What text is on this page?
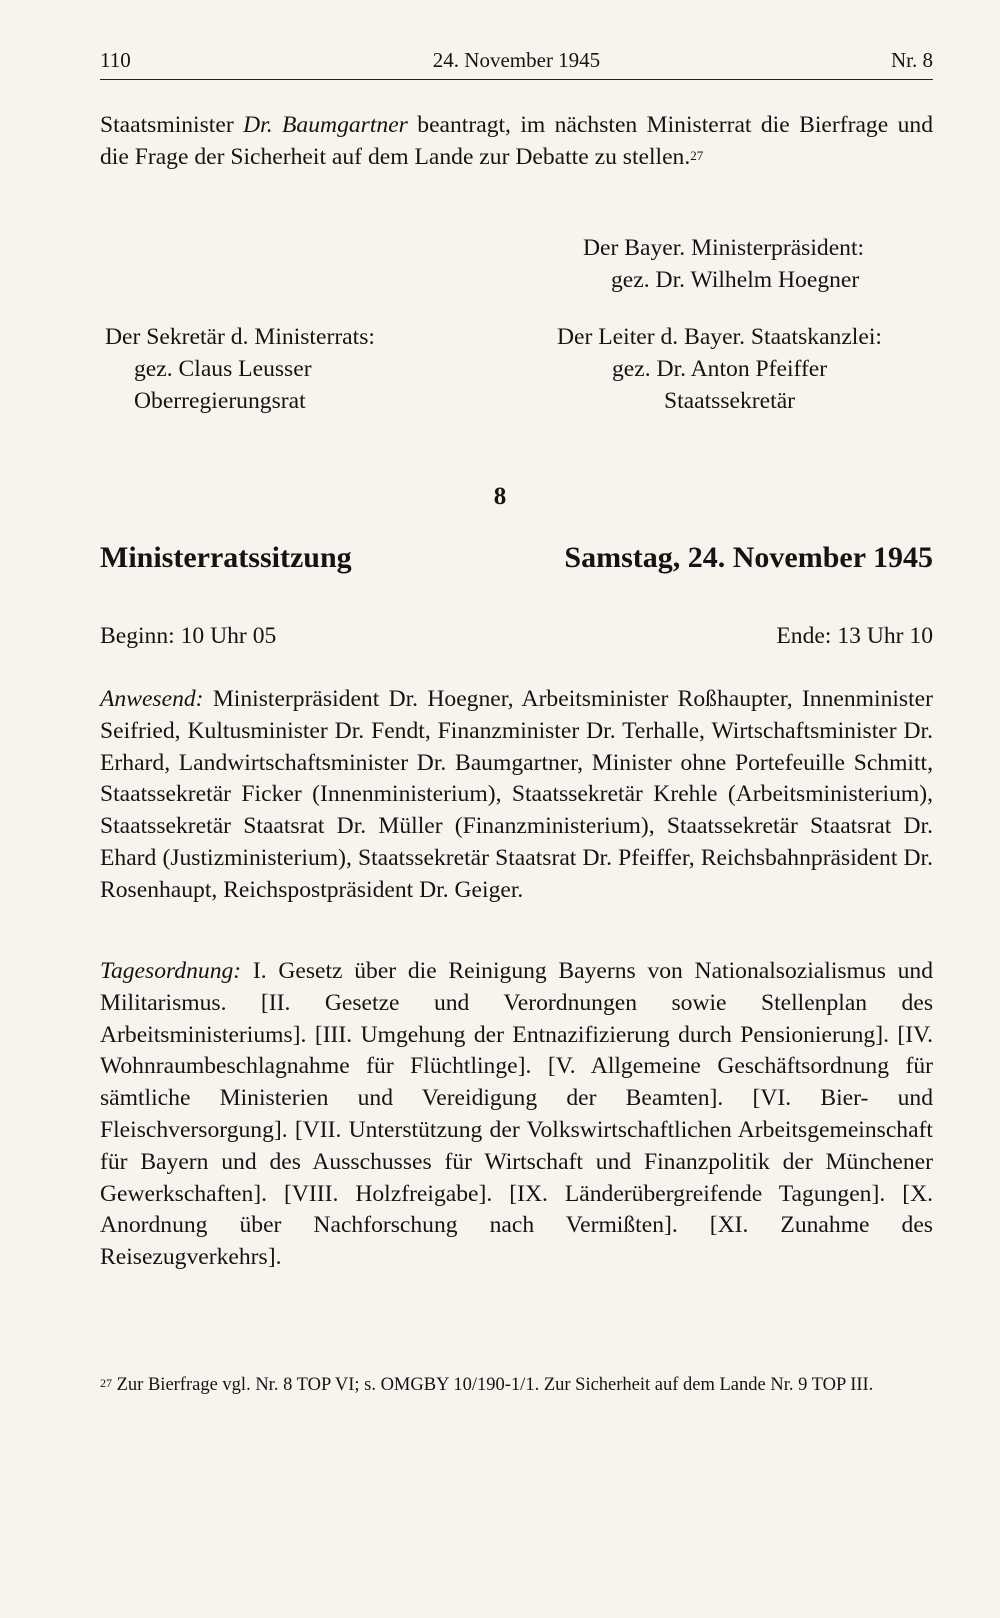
110	24. November 1945	Nr. 8

Staatsminister Dr. Baumgartner beantragt, im nächsten Ministerrat die Bierfrage und die Frage der Sicherheit auf dem Lande zur Debatte zu stellen.$^{27}$

Der Bayer. Ministerpräsident:
gez. Dr. Wilhelm Hoegner
Der Sekretär d. Ministerrats:
gez. Claus Leusser
Oberregierungsrat
Der Leiter d. Bayer. Staatskanzlei:
gez. Dr. Anton Pfeiffer
Staatssekretär
8
Ministerratssitzung	Samstag, 24. November 1945
Beginn: 10 Uhr 05	Ende: 13 Uhr 10

Anwesend: Ministerpräsident Dr. Hoegner, Arbeitsminister Roßhaupter, Innenminister Seifried, Kultusminister Dr. Fendt, Finanzminister Dr. Terhalle, Wirtschaftsminister Dr. Erhard, Landwirtschaftsminister Dr. Baumgartner, Minister ohne Portefeuille Schmitt, Staatssekretär Ficker (Innenministerium), Staatssekretär Krehle (Arbeitsministerium), Staatssekretär Staatsrat Dr. Müller (Finanzministerium), Staatssekretär Staatsrat Dr. Ehard (Justizministerium), Staatssekretär Staatsrat Dr. Pfeiffer, Reichsbahnpräsident Dr. Rosenhaupt, Reichspostpräsident Dr. Geiger.

Tagesordnung: I. Gesetz über die Reinigung Bayerns von Nationalsozialismus und Militarismus. [II. Gesetze und Verordnungen sowie Stellenplan des Arbeitsministeriums]. [III. Umgehung der Entnazifizierung durch Pensionierung]. [IV. Wohnraumbeschlagnahme für Flüchtlinge]. [V. Allgemeine Geschäftsordnung für sämtliche Ministerien und Vereidigung der Beamten]. [VI. Bier- und Fleischversorgung]. [VII. Unterstützung der Volkswirtschaftlichen Arbeitsgemeinschaft für Bayern und des Ausschusses für Wirtschaft und Finanzpolitik der Münchener Gewerkschaften]. [VIII. Holzfreigabe]. [IX. Länderübergreifende Tagungen]. [X. Anordnung über Nachforschung nach Vermißten]. [XI. Zunahme des Reisezugverkehrs].

$^{27}$ Zur Bierfrage vgl. Nr. 8 TOP VI; s. OMGBY 10/190-1/1. Zur Sicherheit auf dem Lande Nr. 9 TOP III.
